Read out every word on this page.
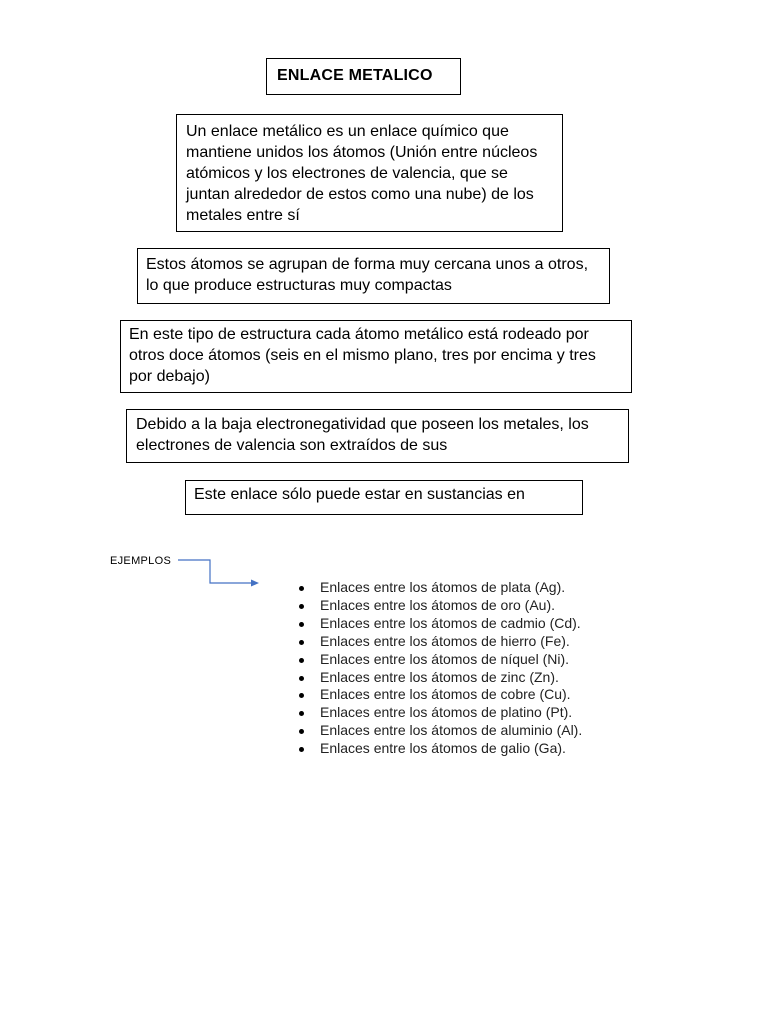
ENLACE METALICO
Un enlace metálico es un enlace químico que mantiene unidos los átomos (Unión entre núcleos atómicos y los electrones de valencia, que se juntan alrededor de estos como una nube) de los metales entre sí
Estos átomos se agrupan de forma muy cercana unos a otros, lo que produce estructuras muy compactas
En este tipo de estructura cada átomo metálico está rodeado por otros doce átomos (seis en el mismo plano, tres por encima y tres por debajo)
Debido a la baja electronegatividad que poseen los metales, los electrones de valencia son extraídos de sus
Este enlace sólo puede estar en sustancias en
EJEMPLOS
Enlaces entre los átomos de plata (Ag).
Enlaces entre los átomos de oro (Au).
Enlaces entre los átomos de cadmio (Cd).
Enlaces entre los átomos de hierro (Fe).
Enlaces entre los átomos de níquel (Ni).
Enlaces entre los átomos de zinc (Zn).
Enlaces entre los átomos de cobre (Cu).
Enlaces entre los átomos de platino (Pt).
Enlaces entre los átomos de aluminio (Al).
Enlaces entre los átomos de galio (Ga).
